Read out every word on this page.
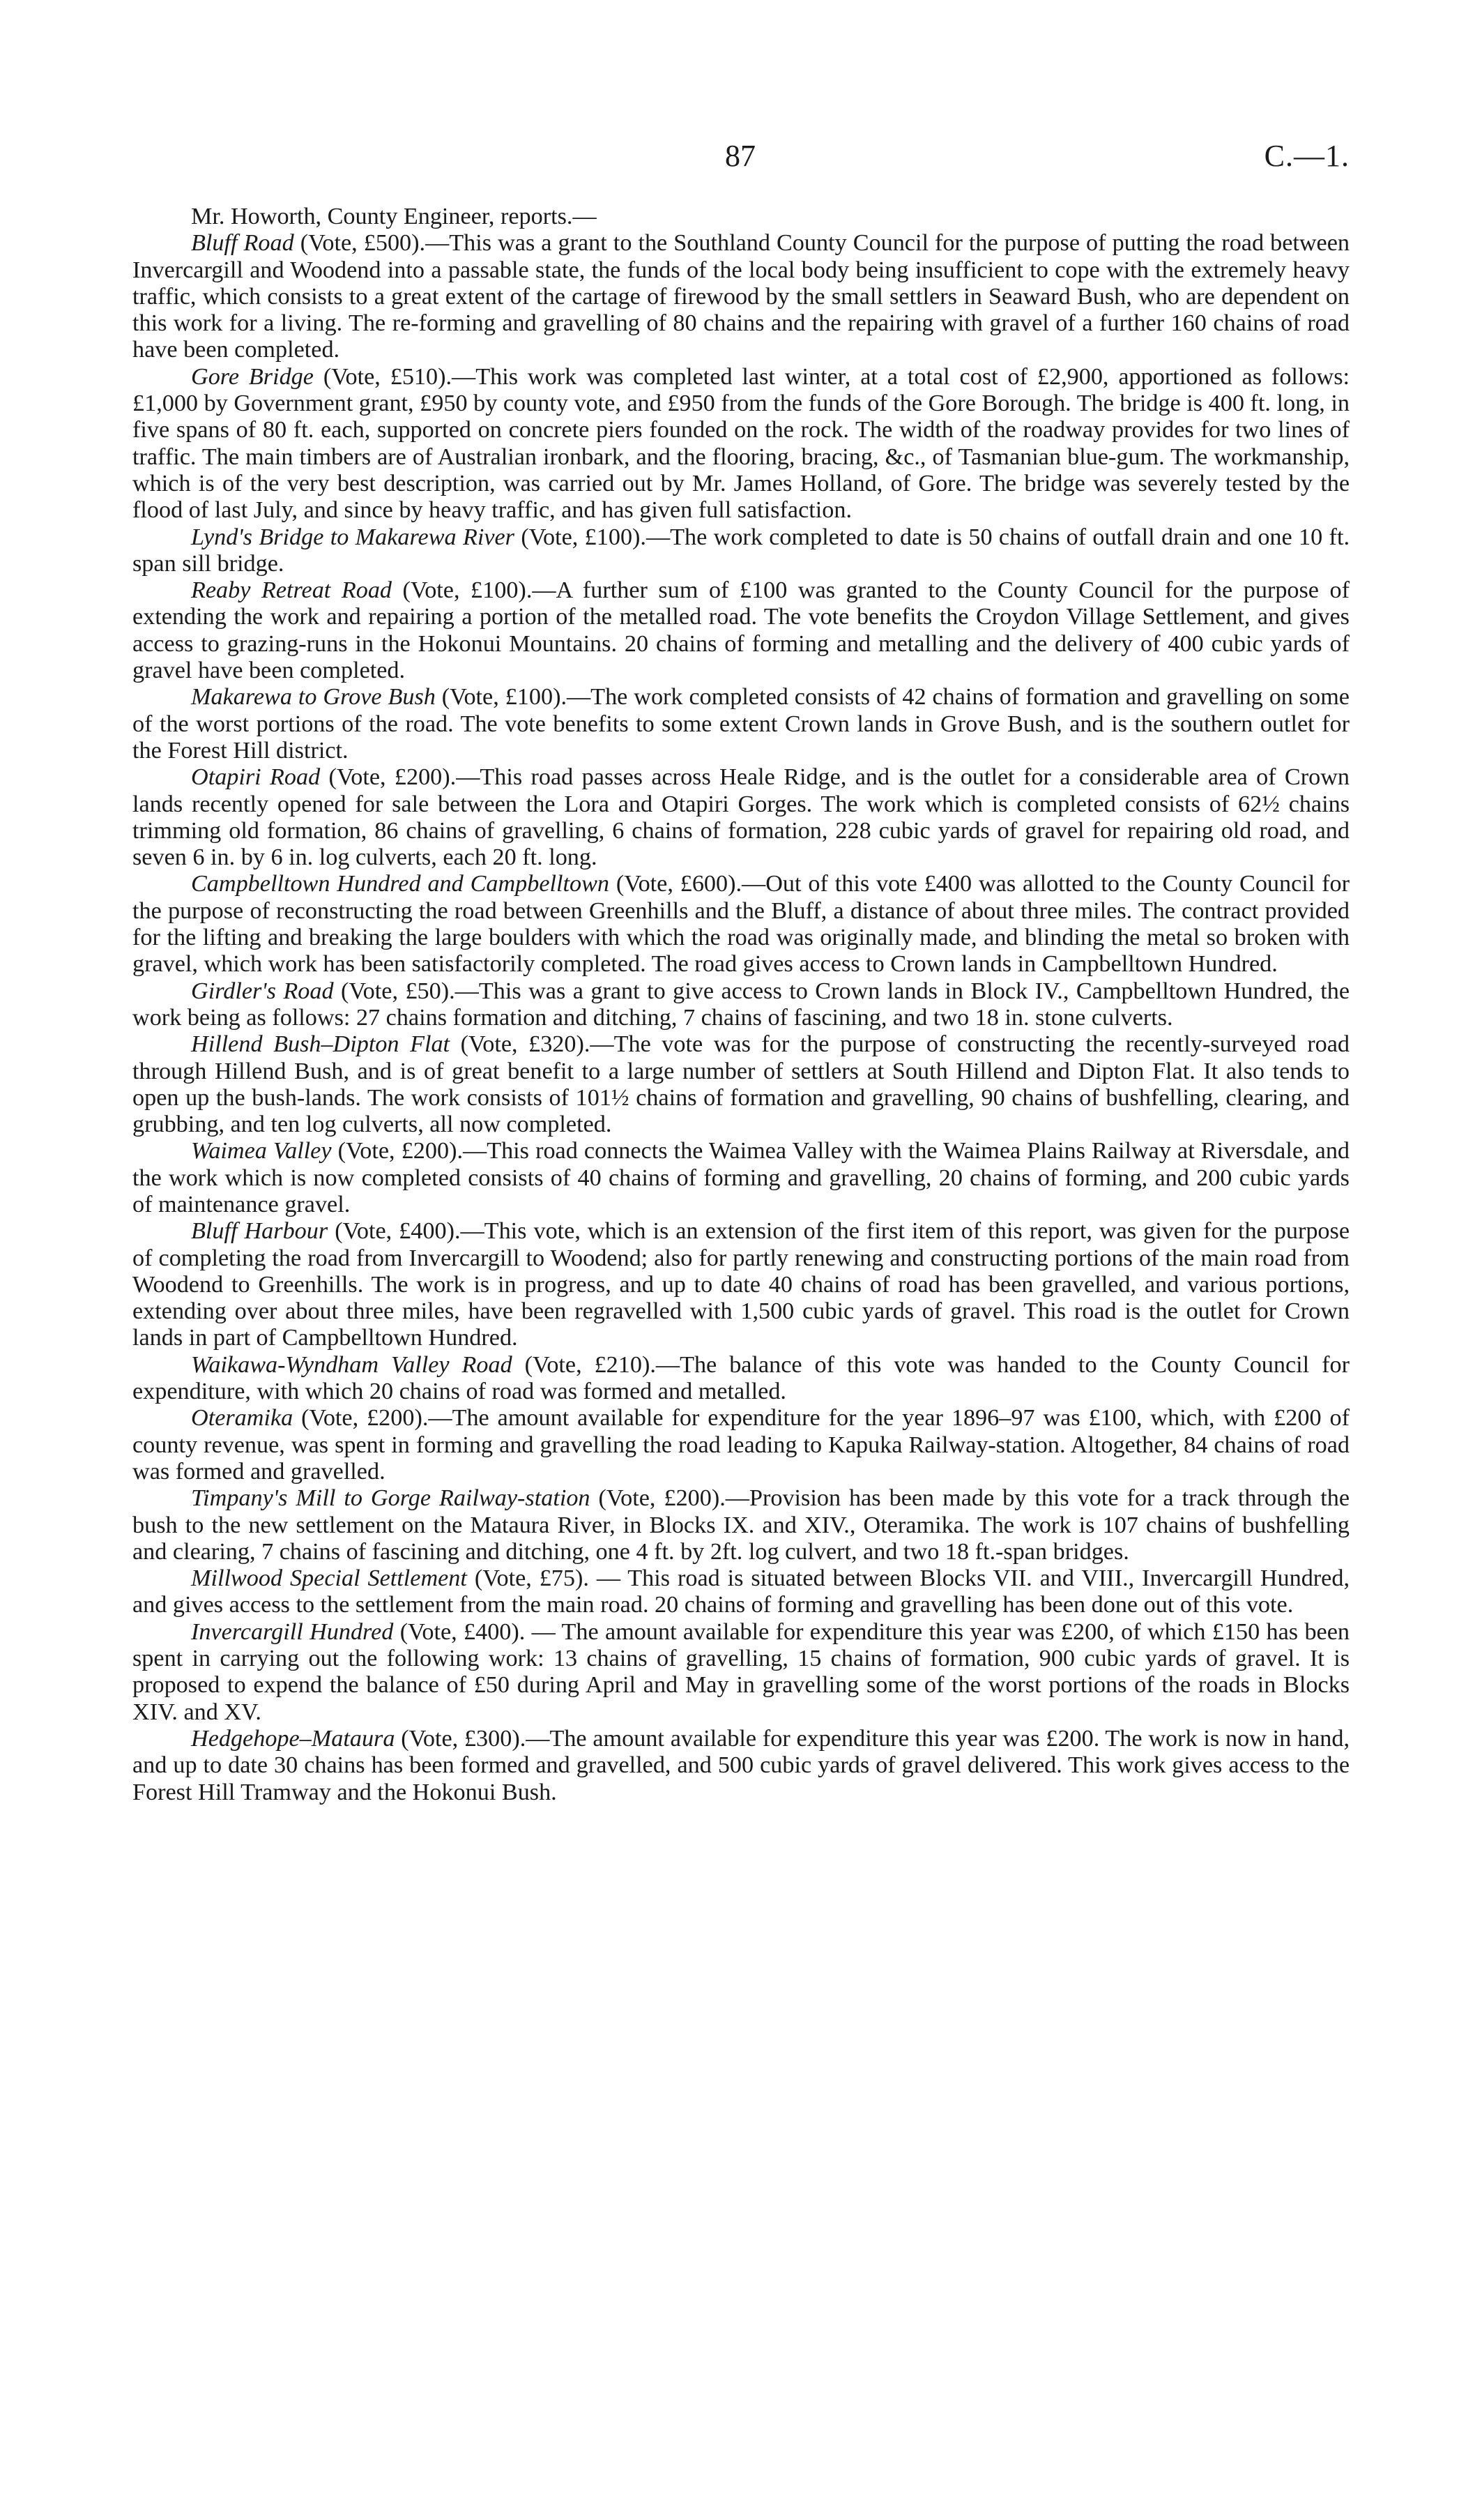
87	C.—1.

Mr. Howorth, County Engineer, reports.—

Bluff Road (Vote, £500).—This was a grant to the Southland County Council for the purpose of putting the road between Invercargill and Woodend into a passable state, the funds of the local body being insufficient to cope with the extremely heavy traffic, which consists to a great extent of the cartage of firewood by the small settlers in Seaward Bush, who are dependent on this work for a living. The re-forming and gravelling of 80 chains and the repairing with gravel of a further 160 chains of road have been completed.

Gore Bridge (Vote, £510).—This work was completed last winter, at a total cost of £2,900, apportioned as follows: £1,000 by Government grant, £950 by county vote, and £950 from the funds of the Gore Borough. The bridge is 400 ft. long, in five spans of 80 ft. each, supported on concrete piers founded on the rock. The width of the roadway provides for two lines of traffic. The main timbers are of Australian ironbark, and the flooring, bracing, &c., of Tasmanian blue-gum. The workmanship, which is of the very best description, was carried out by Mr. James Holland, of Gore. The bridge was severely tested by the flood of last July, and since by heavy traffic, and has given full satisfaction.

Lynd's Bridge to Makarewa River (Vote, £100).—The work completed to date is 50 chains of outfall drain and one 10 ft. span sill bridge.

Reaby Retreat Road (Vote, £100).—A further sum of £100 was granted to the County Council for the purpose of extending the work and repairing a portion of the metalled road. The vote benefits the Croydon Village Settlement, and gives access to grazing-runs in the Hokonui Mountains. 20 chains of forming and metalling and the delivery of 400 cubic yards of gravel have been completed.

Makarewa to Grove Bush (Vote, £100).—The work completed consists of 42 chains of formation and gravelling on some of the worst portions of the road. The vote benefits to some extent Crown lands in Grove Bush, and is the southern outlet for the Forest Hill district.

Otapiri Road (Vote, £200).—This road passes across Heale Ridge, and is the outlet for a considerable area of Crown lands recently opened for sale between the Lora and Otapiri Gorges. The work which is completed consists of 62½ chains trimming old formation, 86 chains of gravelling, 6 chains of formation, 228 cubic yards of gravel for repairing old road, and seven 6 in. by 6 in. log culverts, each 20 ft. long.

Campbelltown Hundred and Campbelltown (Vote, £600).—Out of this vote £400 was allotted to the County Council for the purpose of reconstructing the road between Greenhills and the Bluff, a distance of about three miles. The contract provided for the lifting and breaking the large boulders with which the road was originally made, and blinding the metal so broken with gravel, which work has been satisfactorily completed. The road gives access to Crown lands in Campbelltown Hundred.

Girdler's Road (Vote, £50).—This was a grant to give access to Crown lands in Block IV., Campbelltown Hundred, the work being as follows: 27 chains formation and ditching, 7 chains of fascining, and two 18 in. stone culverts.

Hillend Bush–Dipton Flat (Vote, £320).—The vote was for the purpose of constructing the recently-surveyed road through Hillend Bush, and is of great benefit to a large number of settlers at South Hillend and Dipton Flat. It also tends to open up the bush-lands. The work consists of 101½ chains of formation and gravelling, 90 chains of bushfelling, clearing, and grubbing, and ten log culverts, all now completed.

Waimea Valley (Vote, £200).—This road connects the Waimea Valley with the Waimea Plains Railway at Riversdale, and the work which is now completed consists of 40 chains of forming and gravelling, 20 chains of forming, and 200 cubic yards of maintenance gravel.

Bluff Harbour (Vote, £400).—This vote, which is an extension of the first item of this report, was given for the purpose of completing the road from Invercargill to Woodend; also for partly renewing and constructing portions of the main road from Woodend to Greenhills. The work is in progress, and up to date 40 chains of road has been gravelled, and various portions, extending over about three miles, have been regravelled with 1,500 cubic yards of gravel. This road is the outlet for Crown lands in part of Campbelltown Hundred.

Waikawa-Wyndham Valley Road (Vote, £210).—The balance of this vote was handed to the County Council for expenditure, with which 20 chains of road was formed and metalled.

Oteramika (Vote, £200).—The amount available for expenditure for the year 1896–97 was £100, which, with £200 of county revenue, was spent in forming and gravelling the road leading to Kapuka Railway-station. Altogether, 84 chains of road was formed and gravelled.

Timpany's Mill to Gorge Railway-station (Vote, £200).—Provision has been made by this vote for a track through the bush to the new settlement on the Mataura River, in Blocks IX. and XIV., Oteramika. The work is 107 chains of bushfelling and clearing, 7 chains of fascining and ditching, one 4 ft. by 2ft. log culvert, and two 18 ft.-span bridges.

Millwood Special Settlement (Vote, £75). — This road is situated between Blocks VII. and VIII., Invercargill Hundred, and gives access to the settlement from the main road. 20 chains of forming and gravelling has been done out of this vote.

Invercargill Hundred (Vote, £400). — The amount available for expenditure this year was £200, of which £150 has been spent in carrying out the following work: 13 chains of gravelling, 15 chains of formation, 900 cubic yards of gravel. It is proposed to expend the balance of £50 during April and May in gravelling some of the worst portions of the roads in Blocks XIV. and XV.

Hedgehope–Mataura (Vote, £300).—The amount available for expenditure this year was £200. The work is now in hand, and up to date 30 chains has been formed and gravelled, and 500 cubic yards of gravel delivered. This work gives access to the Forest Hill Tramway and the Hokonui Bush.
